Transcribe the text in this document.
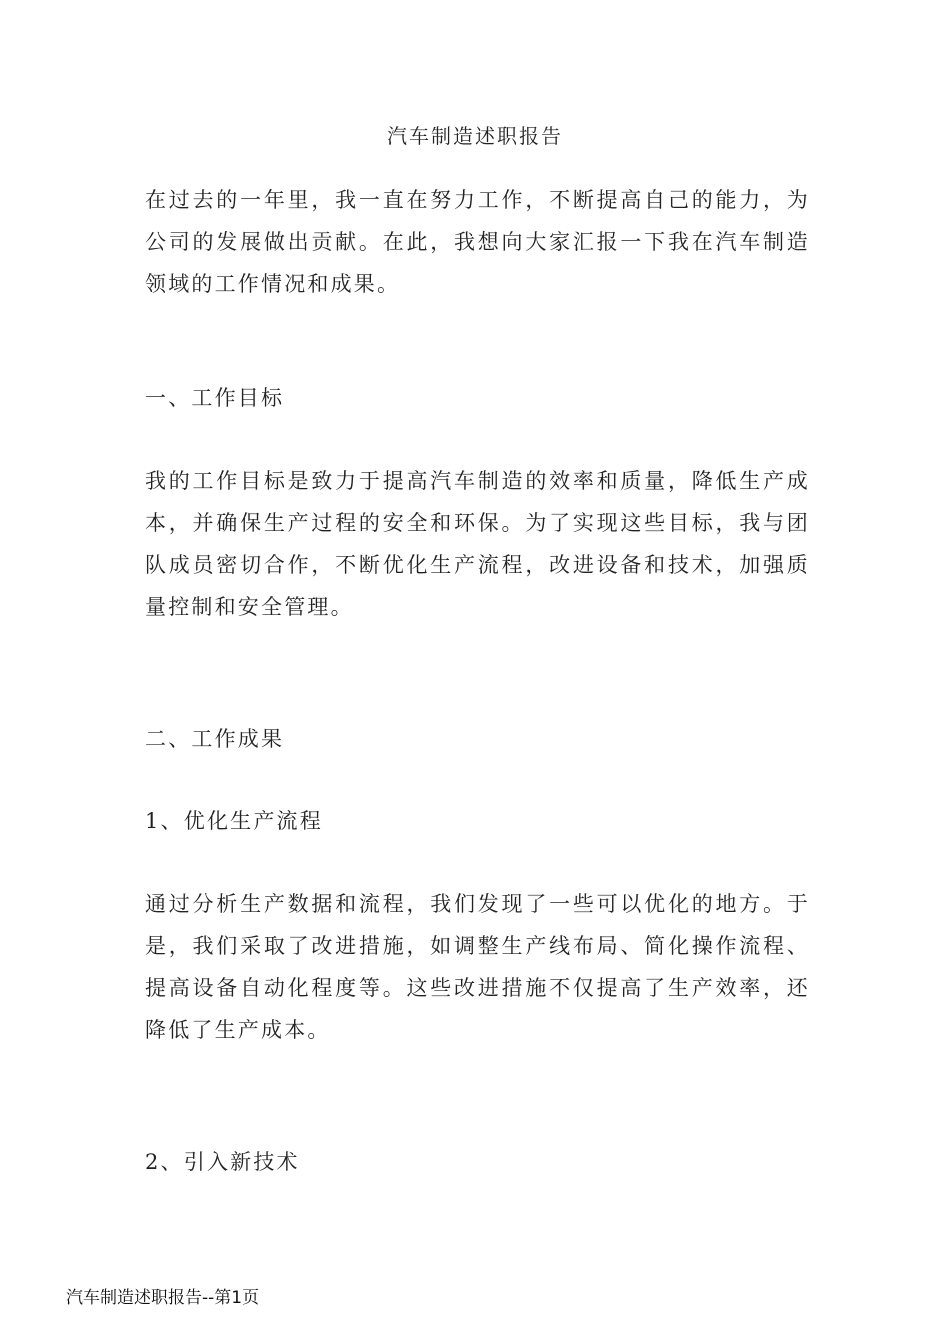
汽车制造述职报告

在过去的一年里，我一直在努力工作，不断提高自己的能力，为公司的发展做出贡献。在此，我想向大家汇报一下我在汽车制造领域的工作情况和成果。

一、工作目标

我的工作目标是致力于提高汽车制造的效率和质量，降低生产成本，并确保生产过程的安全和环保。为了实现这些目标，我与团队成员密切合作，不断优化生产流程，改进设备和技术，加强质量控制和安全管理。

二、工作成果
1、优化生产流程

通过分析生产数据和流程，我们发现了一些可以优化的地方。于是，我们采取了改进措施，如调整生产线布局、简化操作流程、提高设备自动化程度等。这些改进措施不仅提高了生产效率，还降低了生产成本。

2、引入新技术
汽车制造述职报告--第1页
